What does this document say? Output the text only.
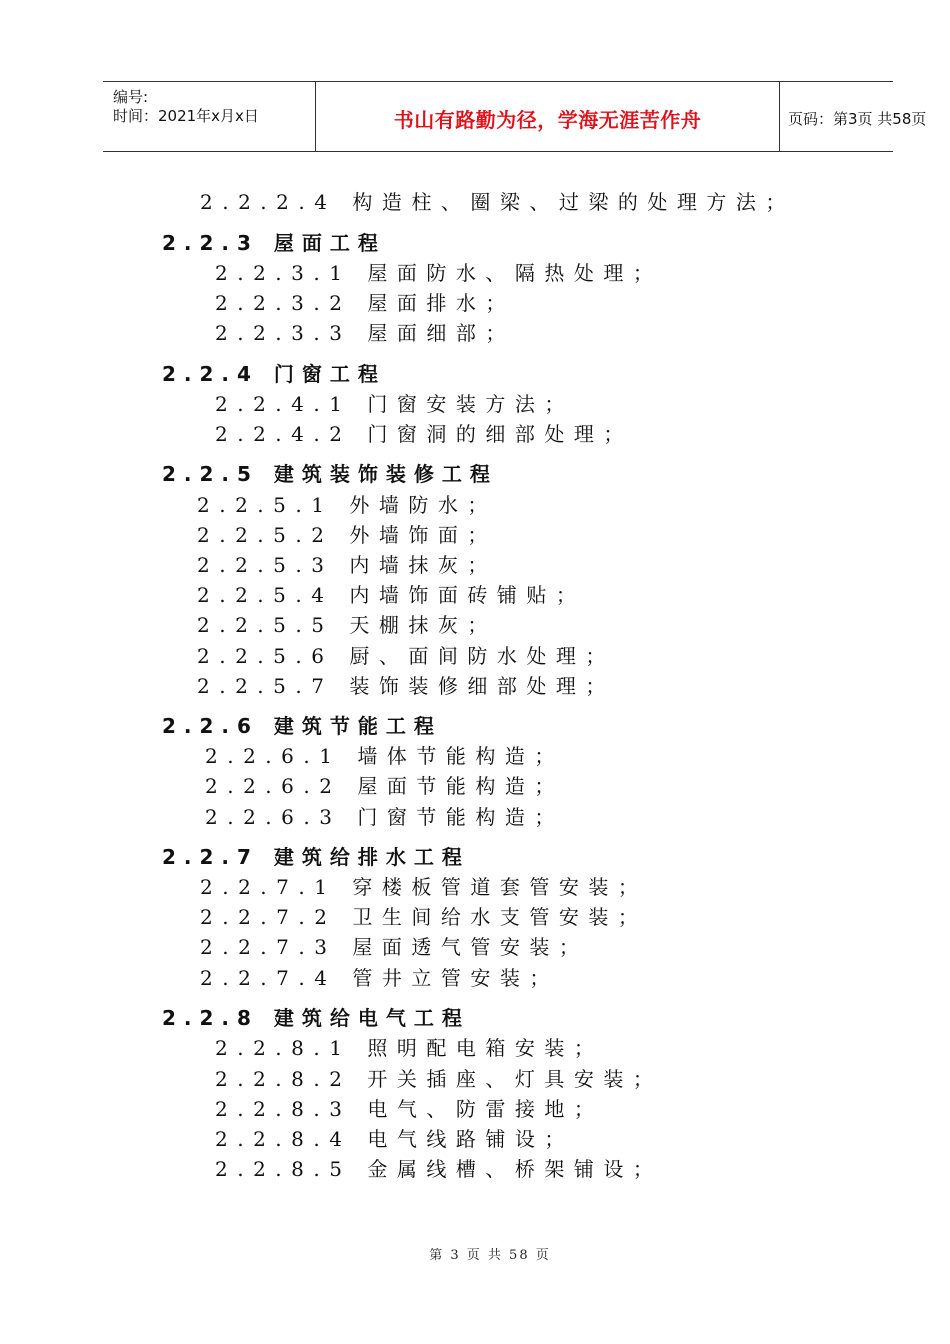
编号:
时间：2021年x月x日	书山有路勤为径，学海无涯苦作舟	页码：第3页 共58页
2.2.2.4 构造柱、圈梁、过梁的处理方法；
2.2.3 屋面工程
2.2.3.1 屋面防水、隔热处理；
2.2.3.2 屋面排水；
2.2.3.3 屋面细部；
2.2.4 门窗工程
2.2.4.1 门窗安装方法；
2.2.4.2 门窗洞的细部处理；
2.2.5 建筑装饰装修工程
2.2.5.1 外墙防水；
2.2.5.2 外墙饰面；
2.2.5.3 内墙抹灰；
2.2.5.4 内墙饰面砖铺贴；
2.2.5.5 天棚抹灰；
2.2.5.6 厨、面间防水处理；
2.2.5.7 装饰装修细部处理；
2.2.6 建筑节能工程
2.2.6.1 墙体节能构造；
2.2.6.2 屋面节能构造；
2.2.6.3 门窗节能构造；
2.2.7 建筑给排水工程
2.2.7.1 穿楼板管道套管安装；
2.2.7.2 卫生间给水支管安装；
2.2.7.3 屋面透气管安装；
2.2.7.4 管井立管安装；
2.2.8 建筑给电气工程
2.2.8.1 照明配电箱安装；
2.2.8.2 开关插座、灯具安装；
2.2.8.3 电气、防雷接地；
2.2.8.4 电气线路铺设；
2.2.8.5 金属线槽、桥架铺设；
第 3 页 共 58 页
